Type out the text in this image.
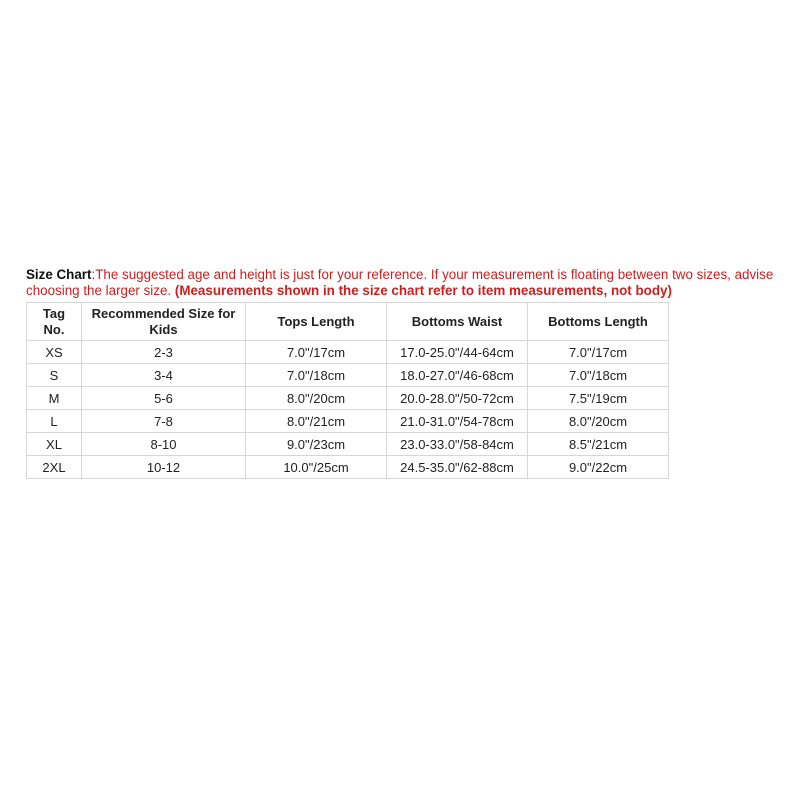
Size Chart:The suggested age and height is just for your reference. If your measurement is floating between two sizes, advise choosing the larger size. (Measurements shown in the size chart refer to item measurements, not body)
Tag No.	Recommended Size for Kids	Tops Length	Bottoms Waist	Bottoms Length
XS	2-3	7.0"/17cm	17.0-25.0"/44-64cm	7.0"/17cm
S	3-4	7.0"/18cm	18.0-27.0"/46-68cm	7.0"/18cm
M	5-6	8.0"/20cm	20.0-28.0"/50-72cm	7.5"/19cm
L	7-8	8.0"/21cm	21.0-31.0"/54-78cm	8.0"/20cm
XL	8-10	9.0"/23cm	23.0-33.0"/58-84cm	8.5"/21cm
2XL	10-12	10.0"/25cm	24.5-35.0"/62-88cm	9.0"/22cm
